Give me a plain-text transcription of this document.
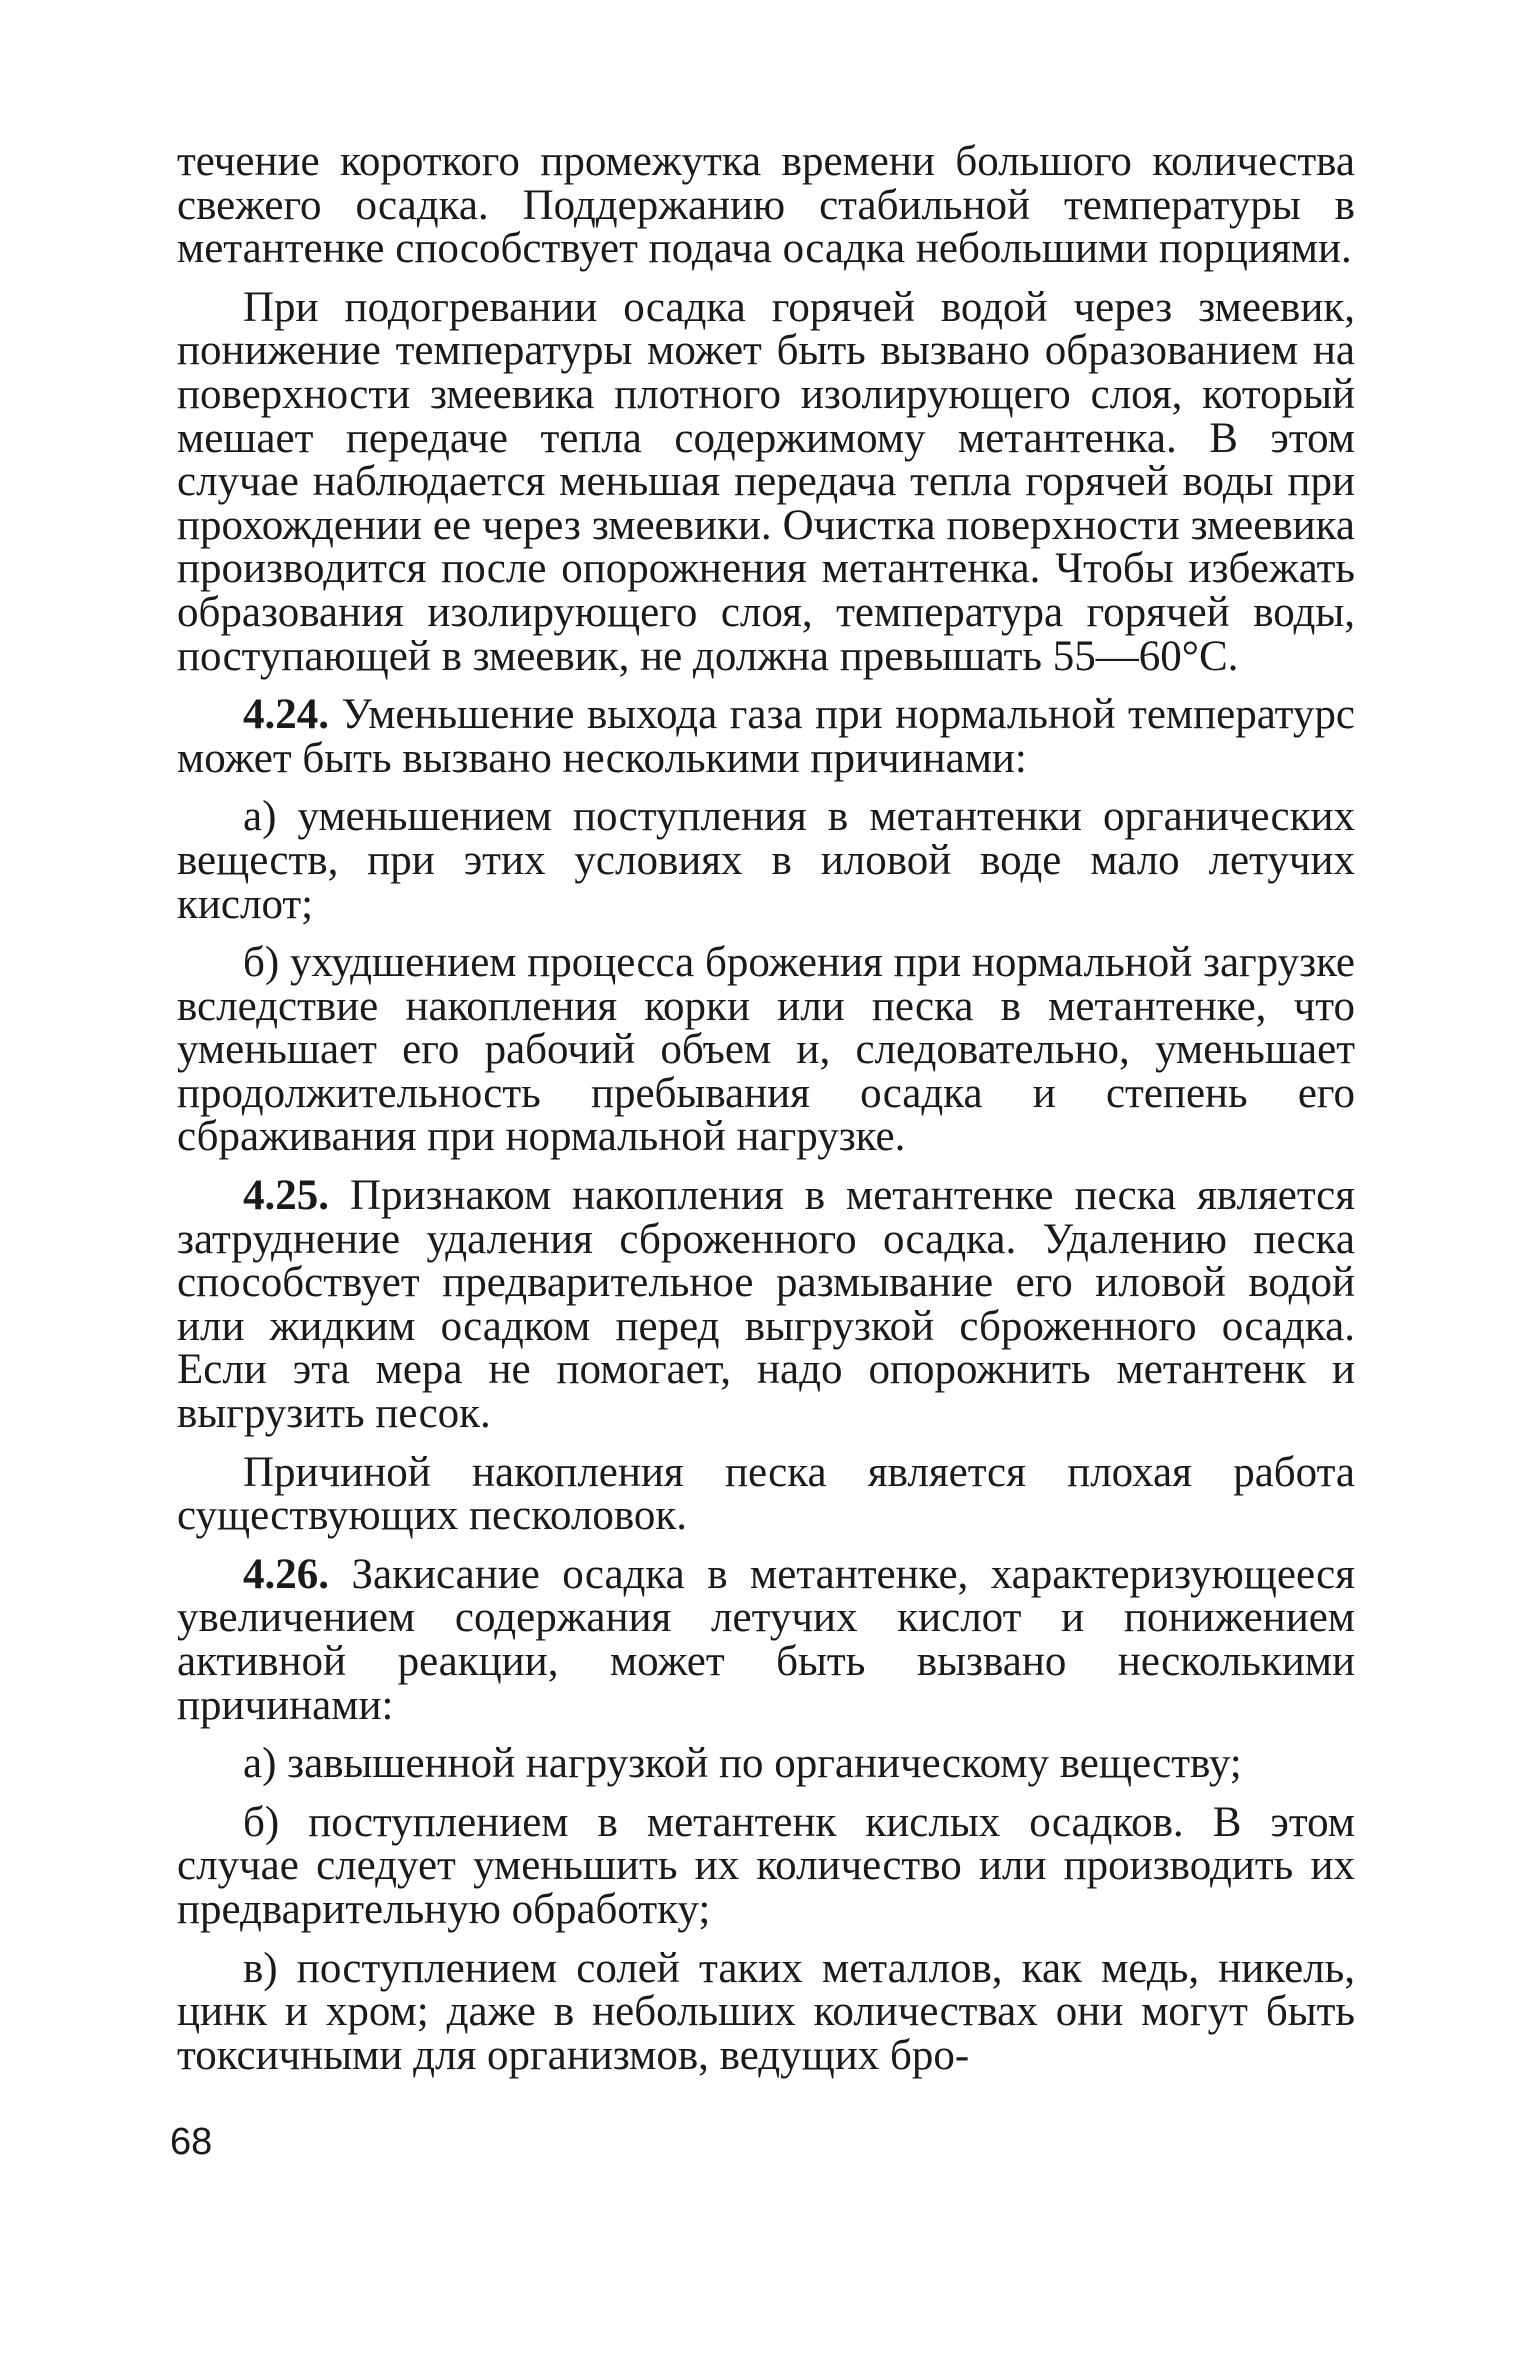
течение короткого промежутка времени большого количества свежего осадка. Поддержанию стабильной температуры в метантенке способствует подача осадка небольшими порциями.

При подогревании осадка горячей водой через змеевик, понижение температуры может быть вызвано образованием на поверхности змеевика плотного изолирующего слоя, который мешает передаче тепла содержимому метантенка. В этом случае наблюдается меньшая передача тепла горячей воды при прохождении ее через змеевики. Очистка поверхности змеевика производится после опорожнения метантенка. Чтобы избежать образования изолирующего слоя, температура горячей воды, поступающей в змеевик, не должна превышать 55—60°С.

4.24. Уменьшение выхода газа при нормальной температурс может быть вызвано несколькими причинами:

а) уменьшением поступления в метантенки органических веществ, при этих условиях в иловой воде мало летучих кислот;

б) ухудшением процесса брожения при нормальной загрузке вследствие накопления корки или песка в метантенке, что уменьшает его рабочий объем и, следовательно, уменьшает продолжительность пребывания осадка и степень его сбраживания при нормальной нагрузке.

4.25. Признаком накопления в метантенке песка является затруднение удаления сброженного осадка. Удалению песка способствует предварительное размывание его иловой водой или жидким осадком перед выгрузкой сброженного осадка. Если эта мера не помогает, надо опорожнить метантенк и выгрузить песок.

Причиной накопления песка является плохая работа существующих песколовок.

4.26. Закисание осадка в метантенке, характеризующееся увеличением содержания летучих кислот и понижением активной реакции, может быть вызвано несколькими причинами:

а) завышенной нагрузкой по органическому веществу;

б) поступлением в метантенк кислых осадков. В этом случае следует уменьшить их количество или производить их предварительную обработку;

в) поступлением солей таких металлов, как медь, никель, цинк и хром; даже в небольших количествах они могут быть токсичными для организмов, ведущих бро-

68
